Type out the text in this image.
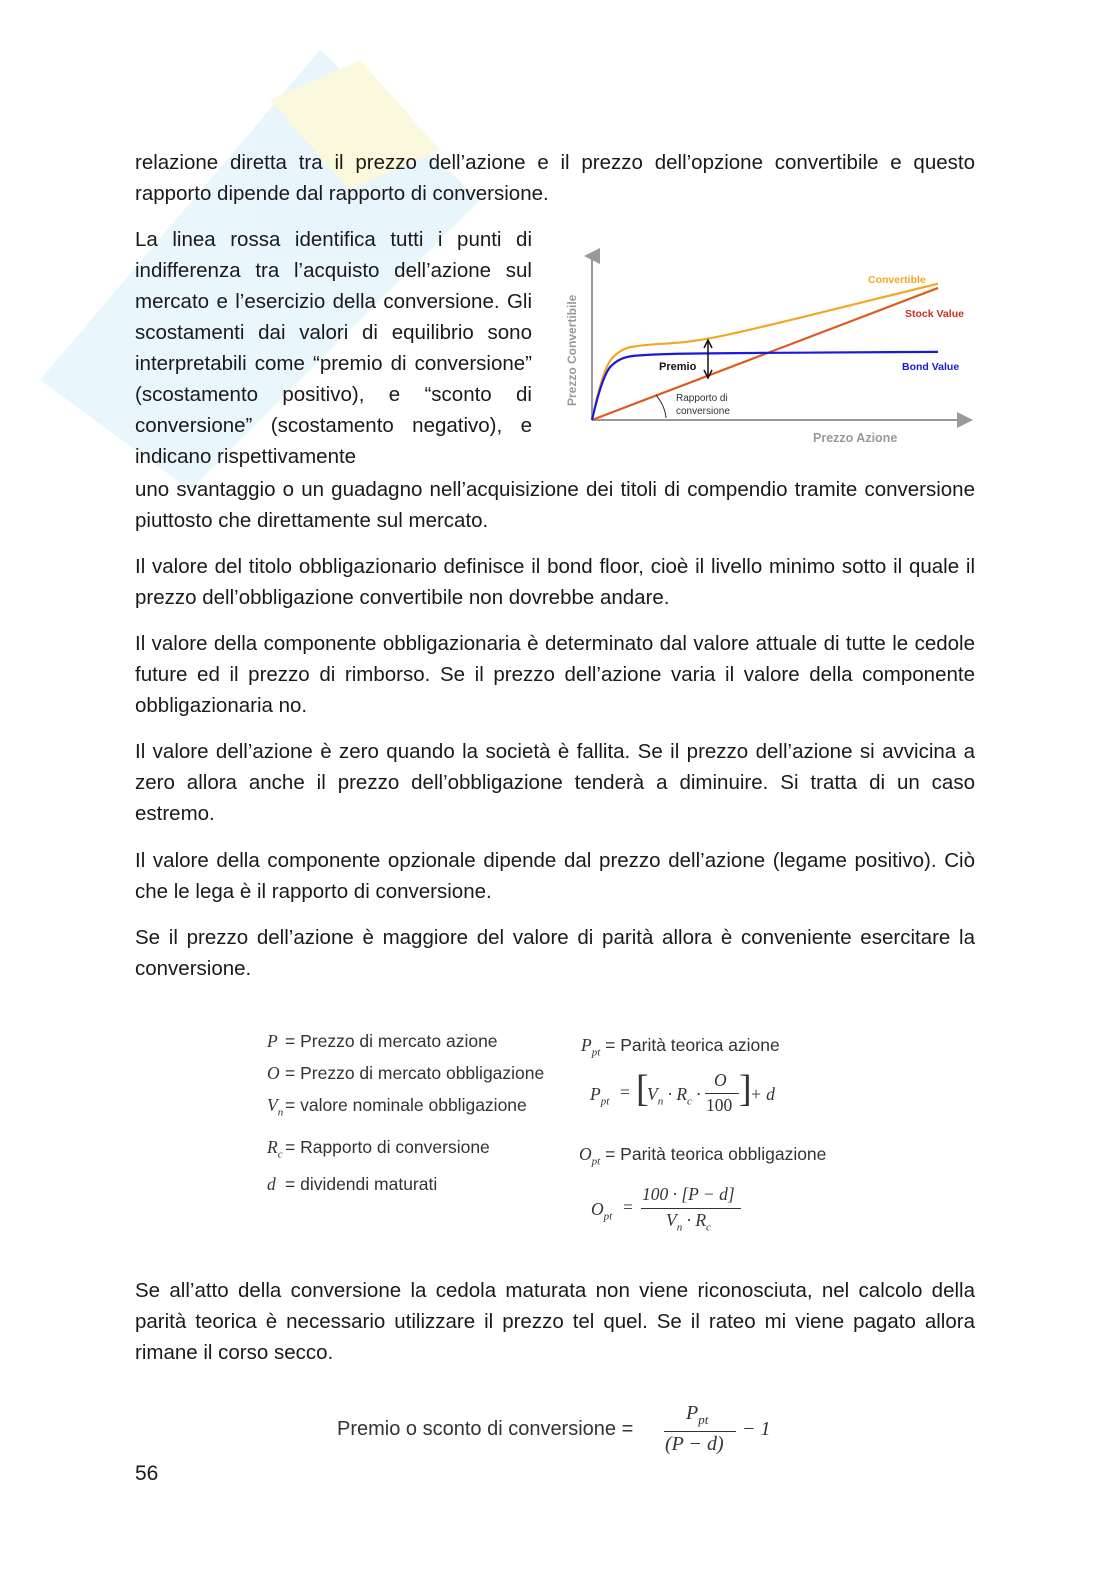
relazione diretta tra il prezzo dell’azione e il prezzo dell’opzione convertibile e questo rapporto dipende dal rapporto di conversione.

La linea rossa identifica tutti i punti di indifferenza tra l’acquisto dell’azione sul mercato e l’esercizio della conversione. Gli scostamenti dai valori di equilibrio sono interpretabili come “premio di conversione” (scostamento positivo), e “sconto di conversione” (scostamento negativo), e indicano rispettivamente

Prezzo Convertibile
Prezzo Azione
Premio
Rapporto di
conversione
Convertible
Stock Value
Bond Value

uno svantaggio o un guadagno nell’acquisizione dei titoli di compendio tramite conversione piuttosto che direttamente sul mercato.

Il valore del titolo obbligazionario definisce il bond floor, cioè il livello minimo sotto il quale il prezzo dell’obbligazione convertibile non dovrebbe andare.

Il valore della componente obbligazionaria è determinato dal valore attuale di tutte le cedole future ed il prezzo di rimborso. Se il prezzo dell’azione varia il valore della componente obbligazionaria no.

Il valore dell’azione è zero quando la società è fallita. Se il prezzo dell’azione si avvicina a zero allora anche il prezzo dell’obbligazione tenderà a diminuire. Si tratta di un caso estremo.

Il valore della componente opzionale dipende dal prezzo dell’azione (legame positivo). Ciò che le lega è il rapporto di conversione.

Se il prezzo dell’azione è maggiore del valore di parità allora è conveniente esercitare la conversione.

P = Prezzo di mercato azione
O = Prezzo di mercato obbligazione
$V_n$ = valore nominale obbligazione
$R_c$ = Rapporto di conversione
d = dividendi maturati
$P_{pt}$ = Parità teorica azione
$P_{pt}$ = [
$V_n \cdot R_c$ ·
O
100 ]
+ d
$O_{pt}$ = Parità teorica obbligazione
$O_{pt}$ =
100 · [P − d]
$V_n \cdot R_c$

Se all’atto della conversione la cedola maturata non viene riconosciuta, nel calcolo della parità teorica è necessario utilizzare il prezzo tel quel. Se il rateo mi viene pagato allora rimane il corso secco.

Premio o sconto di conversione =
$P_{pt}$
(P − d)
− 1
56
